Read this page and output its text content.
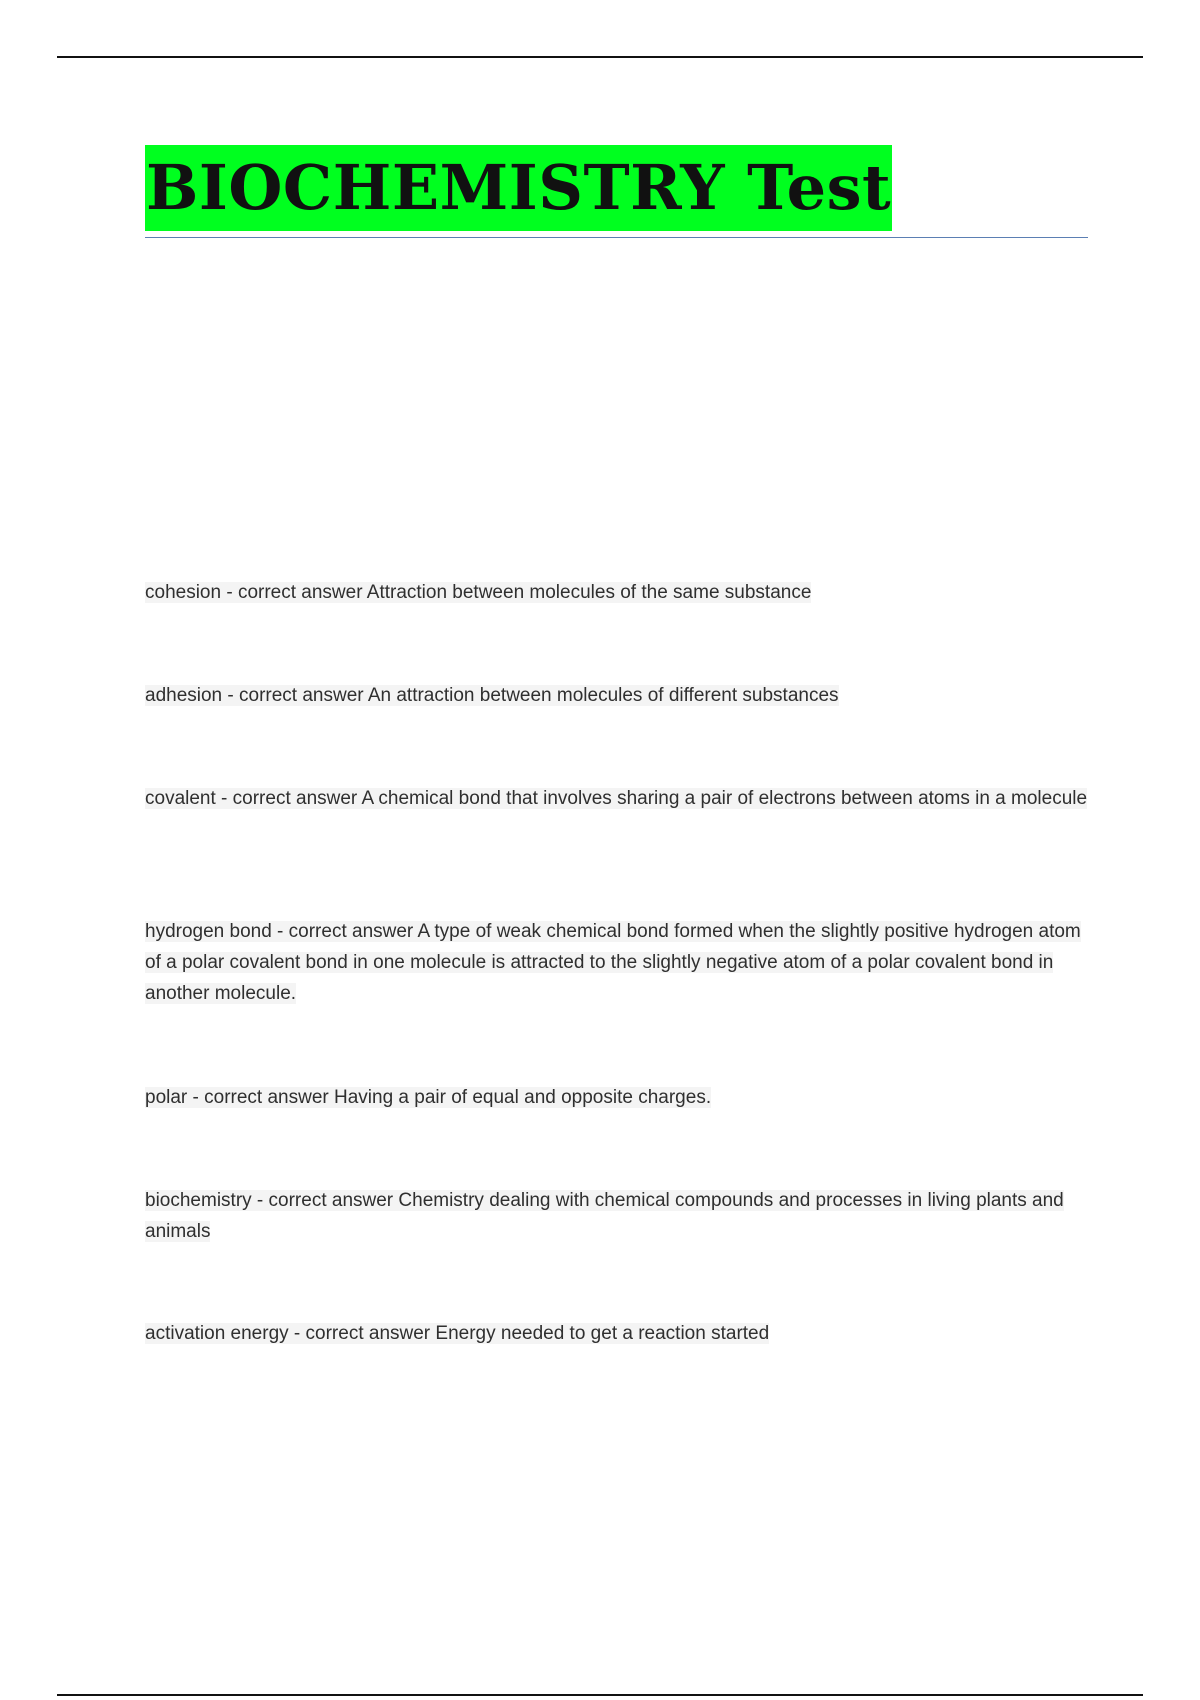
BIOCHEMISTRY Test
cohesion - correct answer Attraction between molecules of the same substance
adhesion - correct answer An attraction between molecules of different substances
covalent - correct answer A chemical bond that involves sharing a pair of electrons between atoms in a molecule
hydrogen bond - correct answer A type of weak chemical bond formed when the slightly positive hydrogen atom of a polar covalent bond in one molecule is attracted to the slightly negative atom of a polar covalent bond in another molecule.
polar - correct answer Having a pair of equal and opposite charges.
biochemistry - correct answer Chemistry dealing with chemical compounds and processes in living plants and animals
activation energy - correct answer Energy needed to get a reaction started
